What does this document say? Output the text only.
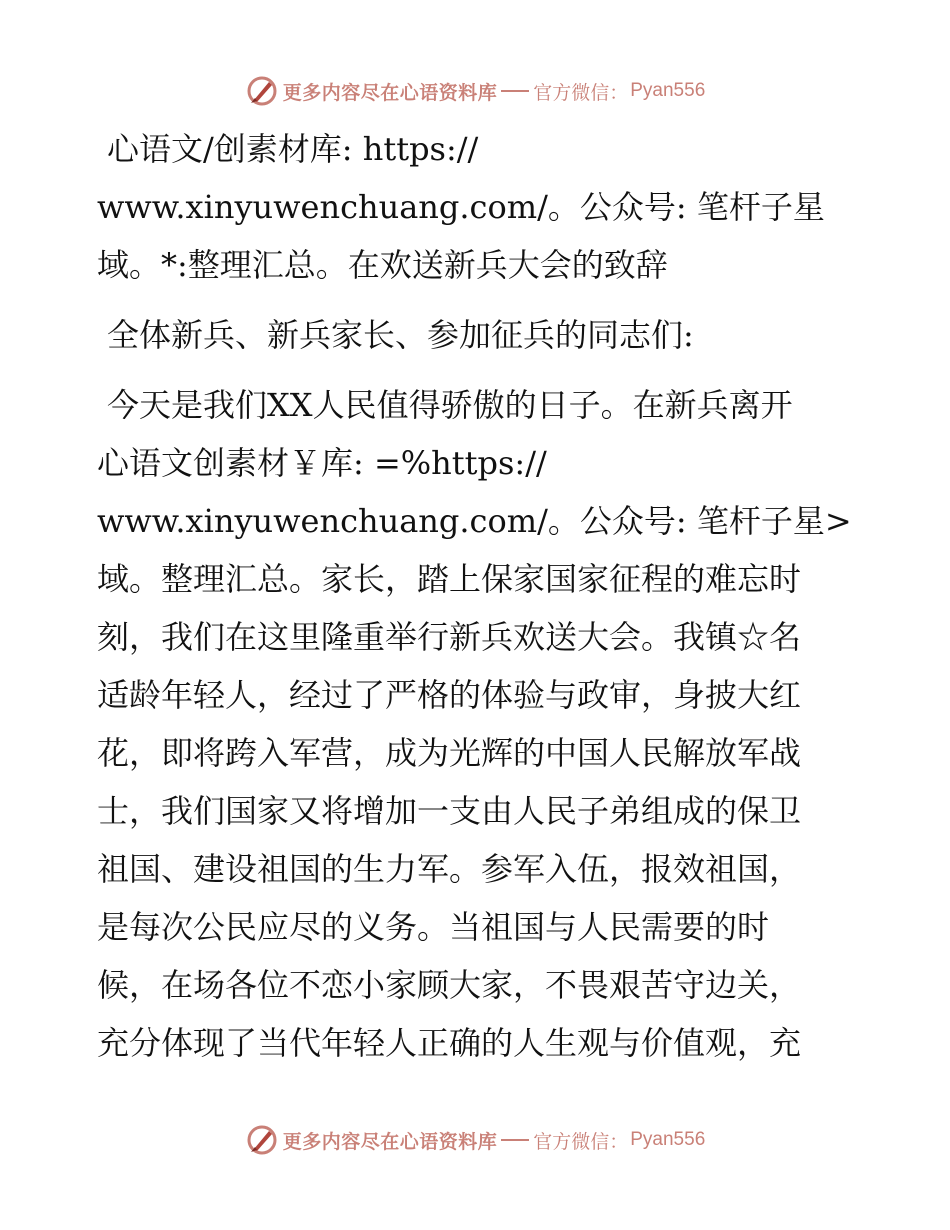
更多内容尽在心语资料库 官方微信： Pyan556
心语文/创素材库: https://
www.xinyuwenchuang.com/。公众号: 笔杆子星
域。*:整理汇总。在欢送新兵大会的致辞
全体新兵、新兵家长、参加征兵的同志们:
今天是我们XX人民值得骄傲的日子。在新兵离开
心语文创素材￥库: =%https://
www.xinyuwenchuang.com/。公众号: 笔杆子星>
域。整理汇总。家长，踏上保家国家征程的难忘时
刻，我们在这里隆重举行新兵欢送大会。我镇☆名
适龄年轻人，经过了严格的体验与政审，身披大红
花，即将跨入军营，成为光辉的中国人民解放军战
士，我们国家又将增加一支由人民子弟组成的保卫
祖国、建设祖国的生力军。参军入伍，报效祖国，
是每次公民应尽的义务。当祖国与人民需要的时
候，在场各位不恋小家顾大家，不畏艰苦守边关，
充分体现了当代年轻人正确的人生观与价值观，充
更多内容尽在心语资料库 官方微信： Pyan556
